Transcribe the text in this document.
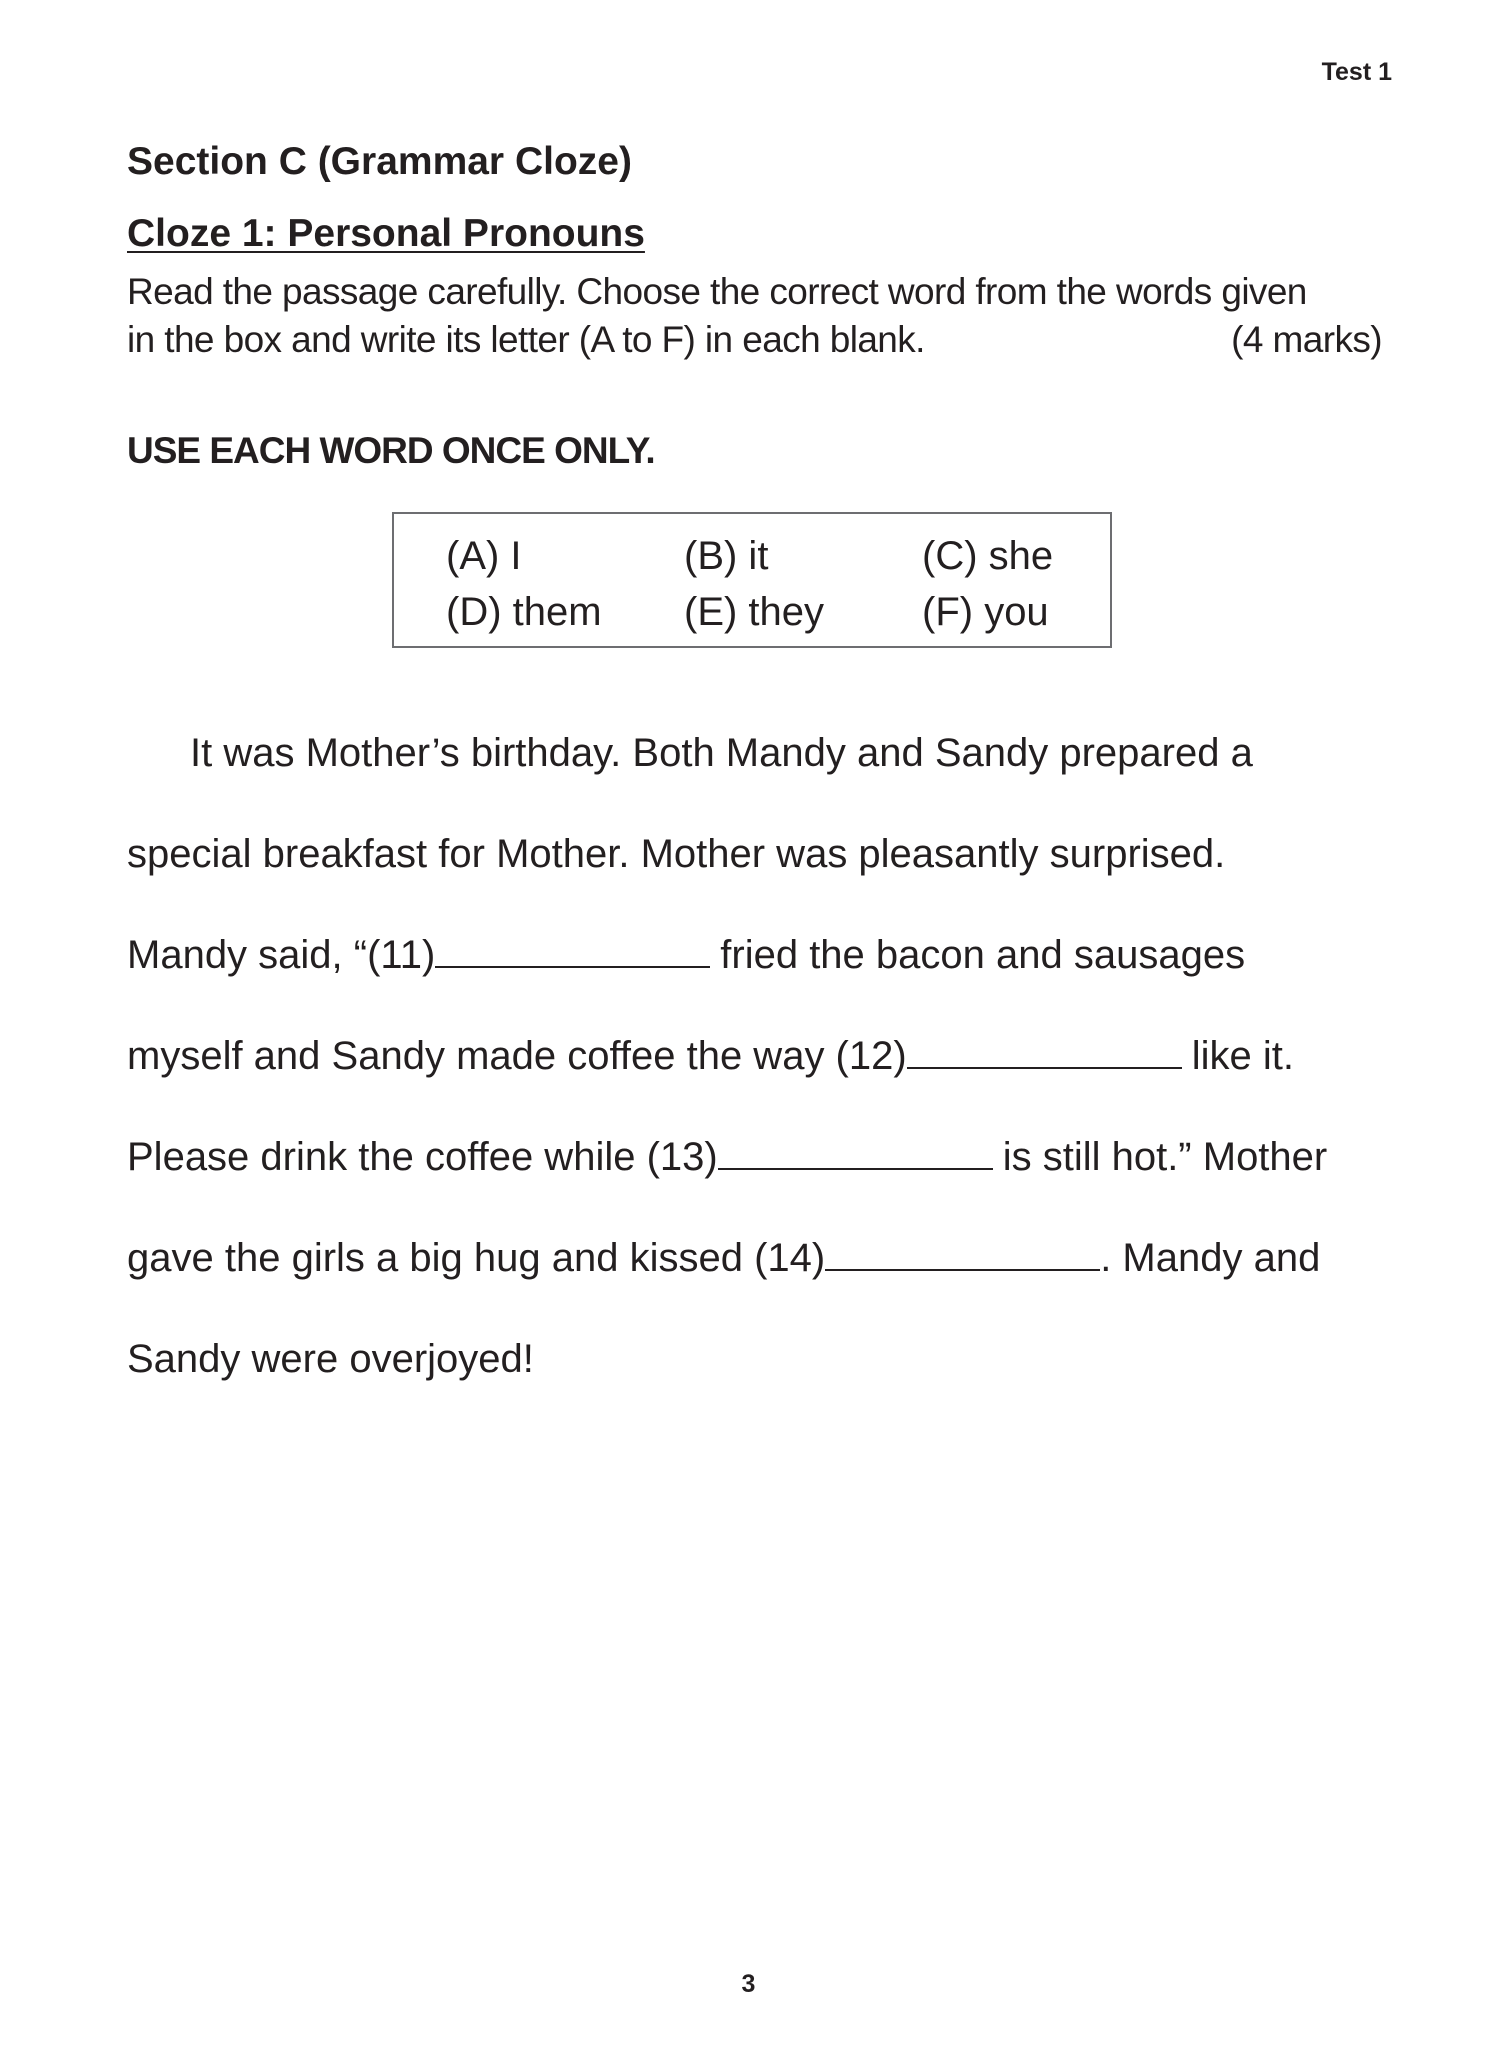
Test 1
Section C (Grammar Cloze)
Cloze 1: Personal Pronouns
Read the passage carefully. Choose the correct word from the words given
in the box and write its letter (A to F) in each blank.	(4 marks)
USE EACH WORD ONCE ONLY.
(A) I	(B) it	(C) she
(D) them	(E) they	(F) you
It was Mother’s birthday. Both Mandy and Sandy prepared a
special breakfast for Mother. Mother was pleasantly surprised.
Mandy said, “(11)	fried the bacon and sausages
myself and Sandy made coffee the way (12)	like it.
Please drink the coffee while (13)	is still hot.” Mother
gave the girls a big hug and kissed (14)	. Mandy and
Sandy were overjoyed!
3
